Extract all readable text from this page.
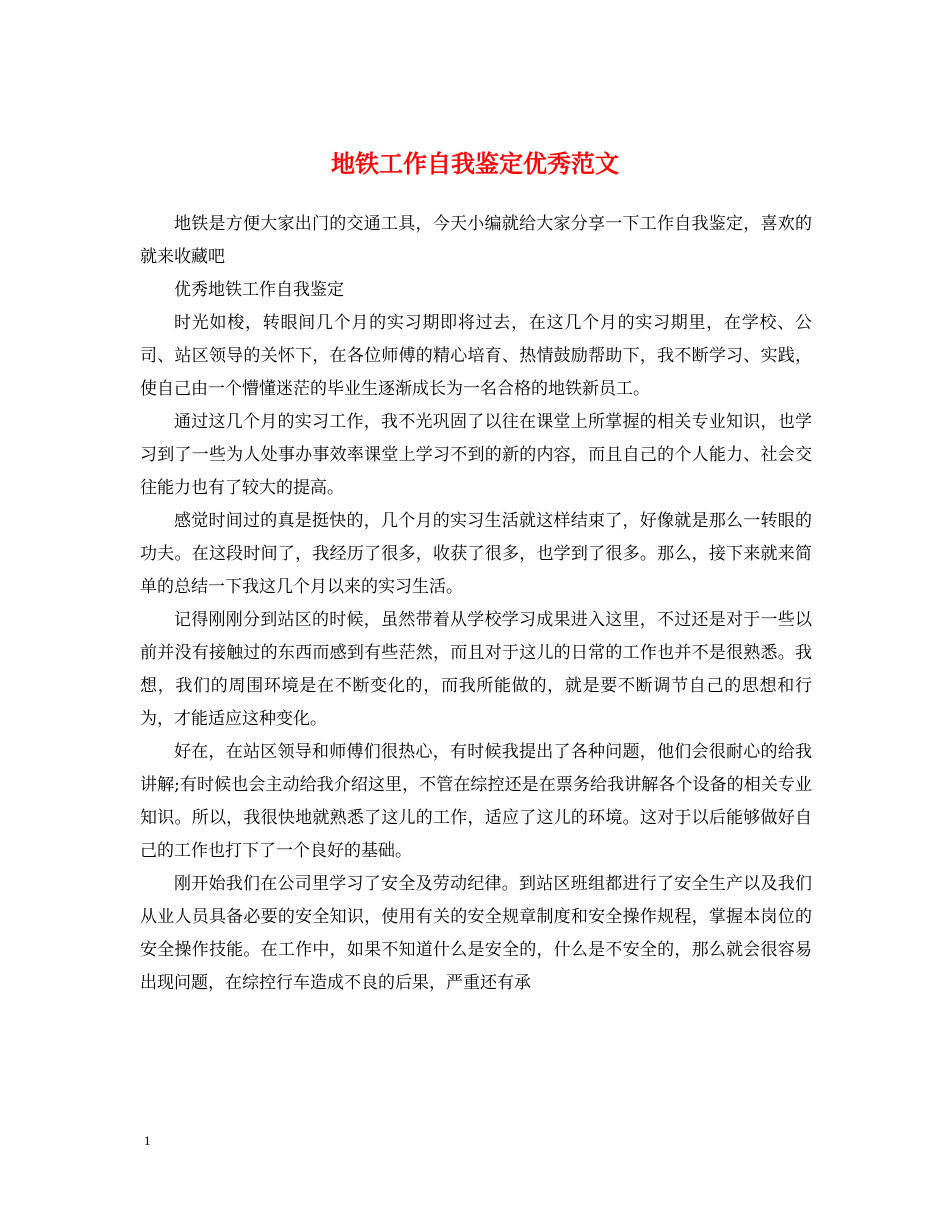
地铁工作自我鉴定优秀范文

地铁是方便大家出门的交通工具，今天小编就给大家分享一下工作自我鉴定，喜欢的就来收藏吧

优秀地铁工作自我鉴定

时光如梭，转眼间几个月的实习期即将过去，在这几个月的实习期里，在学校、公司、站区领导的关怀下，在各位师傅的精心培育、热情鼓励帮助下，我不断学习、实践，使自己由一个懵懂迷茫的毕业生逐渐成长为一名合格的地铁新员工。

通过这几个月的实习工作，我不光巩固了以往在课堂上所掌握的相关专业知识，也学习到了一些为人处事办事效率课堂上学习不到的新的内容，而且自己的个人能力、社会交往能力也有了较大的提高。

感觉时间过的真是挺快的，几个月的实习生活就这样结束了，好像就是那么一转眼的功夫。在这段时间了，我经历了很多，收获了很多，也学到了很多。那么，接下来就来简单的总结一下我这几个月以来的实习生活。

记得刚刚分到站区的时候，虽然带着从学校学习成果进入这里，不过还是对于一些以前并没有接触过的东西而感到有些茫然，而且对于这儿的日常的工作也并不是很熟悉。我想，我们的周围环境是在不断变化的，而我所能做的，就是要不断调节自己的思想和行为，才能适应这种变化。

好在，在站区领导和师傅们很热心，有时候我提出了各种问题，他们会很耐心的给我讲解;有时候也会主动给我介绍这里，不管在综控还是在票务给我讲解各个设备的相关专业知识。所以，我很快地就熟悉了这儿的工作，适应了这儿的环境。这对于以后能够做好自己的工作也打下了一个良好的基础。

刚开始我们在公司里学习了安全及劳动纪律。到站区班组都进行了安全生产以及我们从业人员具备必要的安全知识，使用有关的安全规章制度和安全操作规程，掌握本岗位的安全操作技能。在工作中，如果不知道什么是安全的，什么是不安全的，那么就会很容易出现问题，在综控行车造成不良的后果，严重还有承

1
